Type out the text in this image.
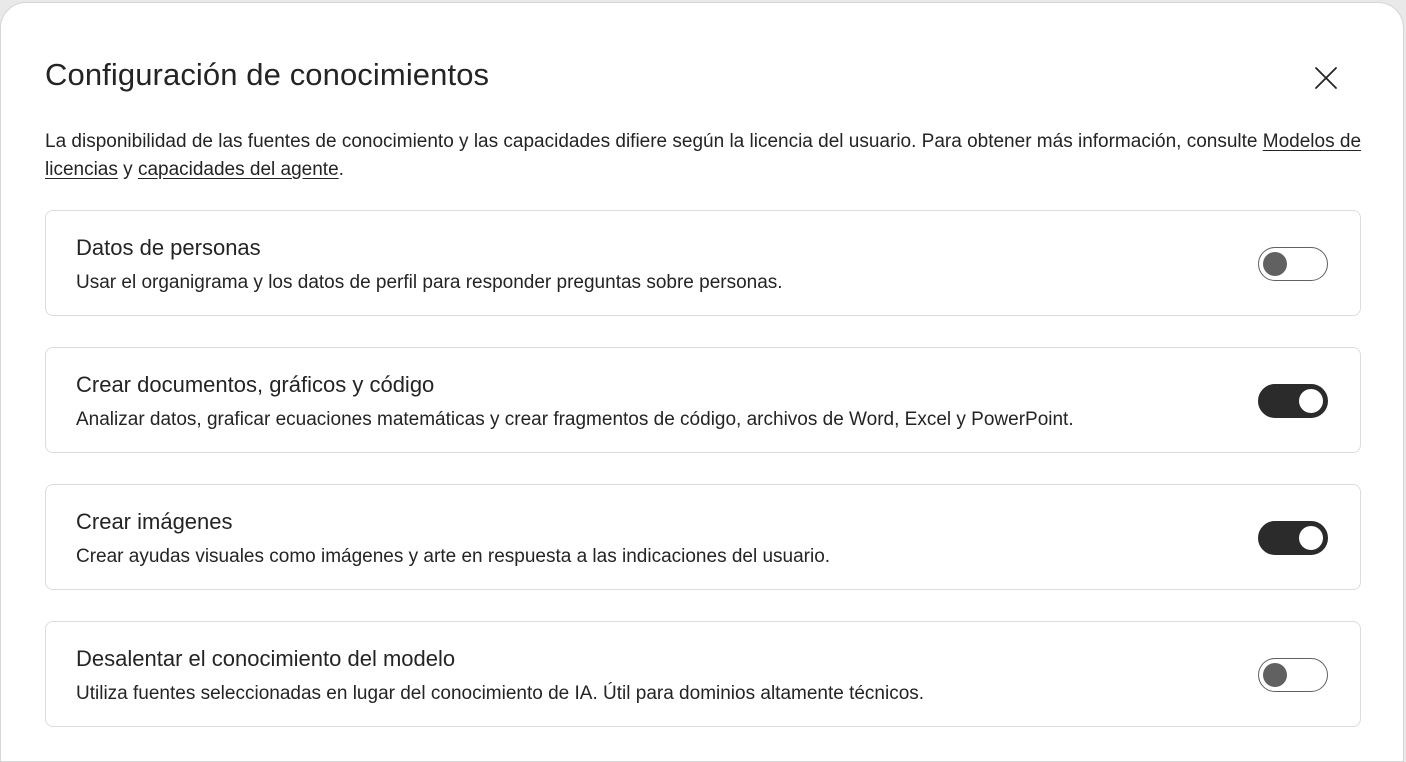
Configuración de conocimientos

La disponibilidad de las fuentes de conocimiento y las capacidades difiere según la licencia del usuario. Para obtener más información, consulte Modelos de licencias y capacidades del agente.

Datos de personas
Usar el organigrama y los datos de perfil para responder preguntas sobre personas.
Crear documentos, gráficos y código
Analizar datos, graficar ecuaciones matemáticas y crear fragmentos de código, archivos de Word, Excel y PowerPoint.
Crear imágenes
Crear ayudas visuales como imágenes y arte en respuesta a las indicaciones del usuario.
Desalentar el conocimiento del modelo
Utiliza fuentes seleccionadas en lugar del conocimiento de IA. Útil para dominios altamente técnicos.
